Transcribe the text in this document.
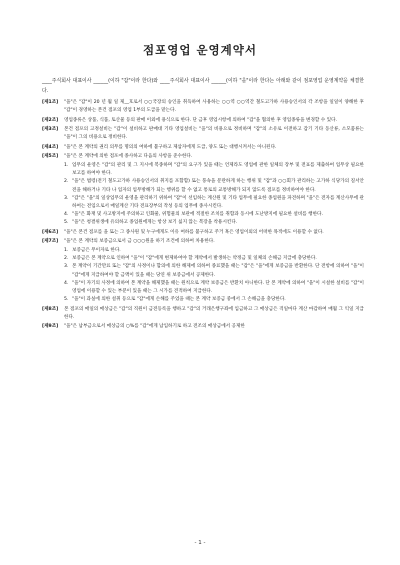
점포영업 운영계약서
____주식회사 대표이사 ______(이하 "갑"이라 한다)와 ____주식회사 대표이사 ______(이하 "을"이라 한다는 아래와 같이 점포영업 운영계약을 체결한다.
[제1조] "을"은 "갑"이 20 년 월 일 제__호로서 ○○국장의 승인을 취득하여 사용하는 ○○역 ○○역간 철도고가하 사용승인서의 각 조항을 일일이 양해한 후 "갑"이 경영하는 본건 점포의 영업 1부의 도급을 맡는다.
[제2조] 영업종류은 상품, 식품, 토산물 등의 판매 이외에 용식으로 한다. 단 금후 영업시항에 의하여 "갑"을 협의한 후 영업종류을 변경할 수 있다.
[제3조] 본건 점포의 고정설비는 "갑"이 설비하고 판매대 기타 영업설비는 "을"의 비용으로 정비하며 "갑"의 소유로 이전하고 갑기 기타 동산류, 소모품류는 "을"이 그의 비용으로 정비한다.
[제4조] "을"은 본 계약의 권리 의무를 명의의 여하에 불구하고 제삼자에게 도급, 양도 또는 대행시켜서는 아니된다.
[제5조] "을"은 본 계약에 의한 점포에 종사하고 다음의 사항을 준수한다.
1. 업무의 운영은 "갑"의 관리 및 그 지시에 복종하며 "갑"의 요구가 있을 때는 언제라도 영업에 관한 일체의 장부 및 전표를 제출하여 업무상 필요한 보고를 하여야 한다.
2. "을"은 법령(전기 철도고가하 사용승인서의 취지를 포함함) 또는 풍속을 문란하게 하는 행위 및 "갑"과 ○○회가 관리하는 고가하 식당가의 질서안전을 해하거나 기타 나 업자의 업무방해가 되는 행위를 할 수 없고 통로의 교통방해가 되지 않도록 점포를 정비하여야 한다.
3. "갑"은 "을"의 일상업무의 운영을 관리하기 위하여 "갑"이 선임하는 계산원 및 기타 업무에 필요한 종업원을 파견하며 "을"은 전자를 계산사무에 관하여는 전임으로서 매일계산 기타 전표장부의 작성 등의 업무에 종사시킨다.
4. "을"은 화재 및 사고방지에 주의하고 인화물, 위험물의 보관에 적절한 조치를 취함과 동시에 도난방지에 필요한 설비를 행한다.
5. "을"은 청결위생에 유의하고 종업원에게는 항상 보기 싫지 않는 복장을 착용시킨다.
[제6조] "을"은 본건 점포를 을 또는 그 종사원 및 누구에게도 이유 여하를 불구하고 주거 혹은 영업이외의 어떠한 목적에도 이용할 수 없다.
[제7조] "을"은 본 계약의 보증금으로서 금 ○○○원을 하기 조건에 의하여 차용한다.
1. 보증금은 무이자로 한다.
2. 보증금은 본 계약으로 인하여 "을"이 "갑"에게 변제하여야 할 계약에서 발생하는 약정금 및 일체의 손해금 지급에 충당한다.
3. 본 계약이 기간만료 또는 "갑"의 사정이나 합의에 의한 해제에 의하여 종료했을 때는 "갑"은 "을"에게 보증금을 반환한다. 단 전항에 의하여 "을"이 "갑"에게 지급하여야 할 금액이 있을 때는 당연 위 보증금에서 공제한다.
4. "을"이 자기의 사정에 의하여 본 계약을 해제했을 때는 원칙으로 계약 보증금은 반환치 아니한다. 단 본 계약에 의하여 "을"이 시설한 설비를 "갑"이 영업에 이용할 수 있는 부분이 있을 때는 그 시가를 견적하여 지급한다.
5. "을"이 과실에 의한 설취 등으로 "갑"에게 손해를 주었을 때는 본 계약 보증금 중에서 그 손해금을 충당한다.
[제8조] 본 점포의 매일의 매상금은 "갑"의 직원이 금전등록을 행하고 "갑"의 거래은행구좌에 입금하고 그 매상금은 격일마다 계산 마감하여 매월 그 익일 지급한다.
[제9조] "을"은 납부금으로서 매상금의 ○%를 "갑"에게 납입하기로 하고 전조의 매상금에서 공제한
- 1 -
